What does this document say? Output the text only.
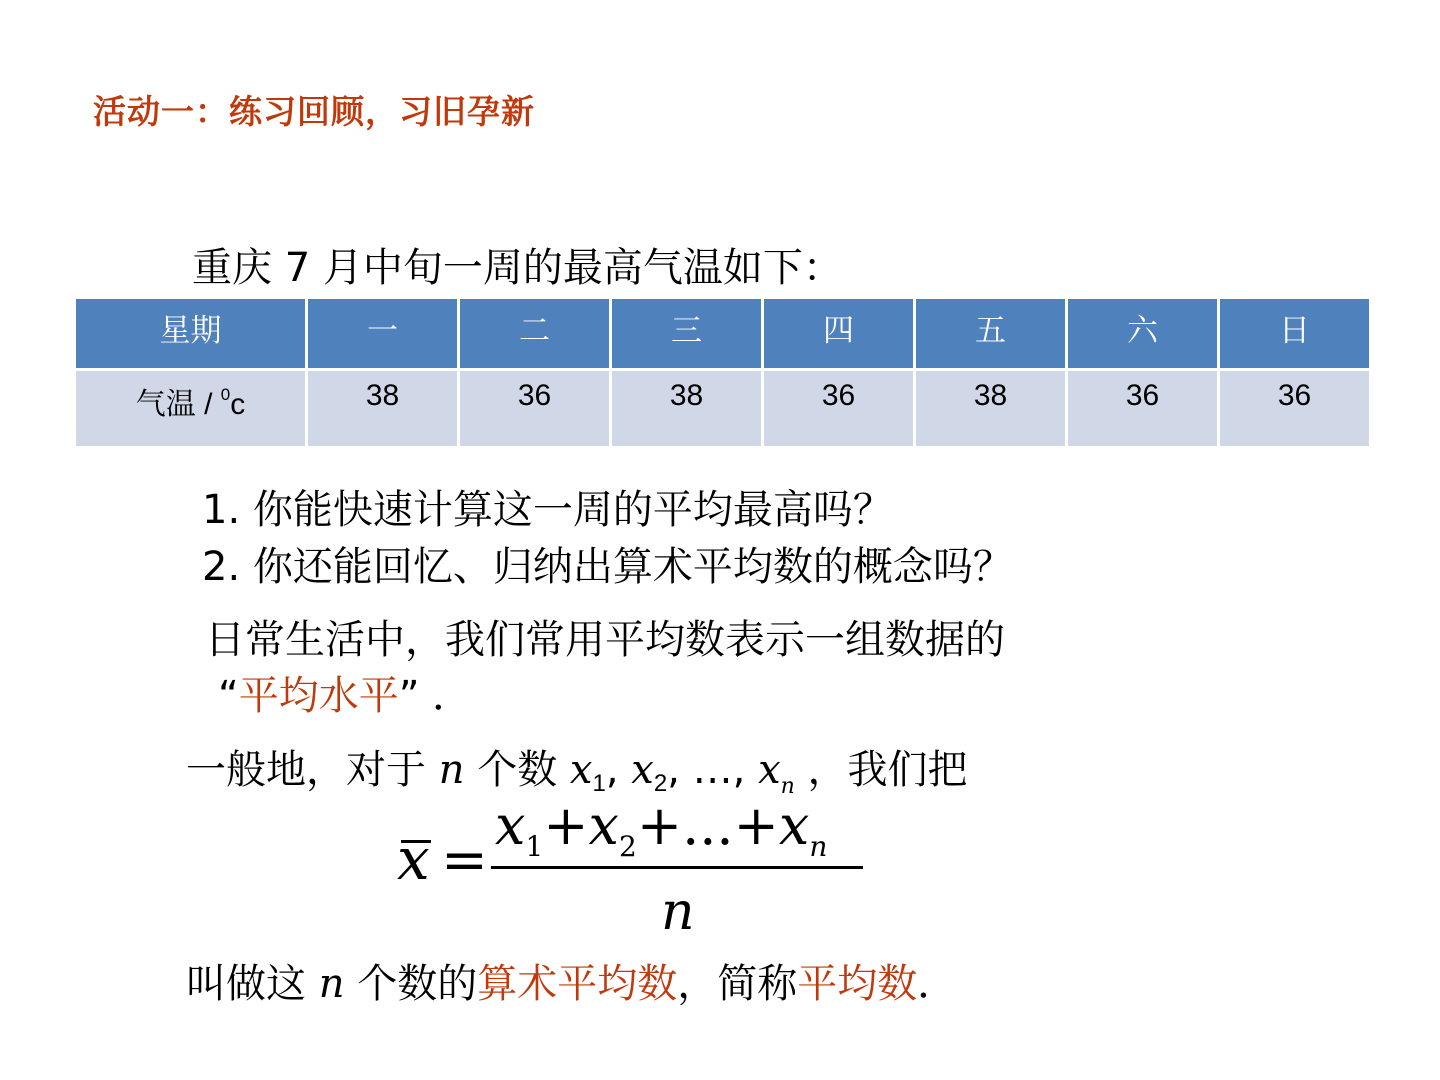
活动一：练习回顾，习旧孕新
重庆 7 月中旬一周的最高气温如下：
星期	一	二	三	四	五	六	日
气温 / $^0$c	38	36	38	36	38	36	36
1. 你能快速计算这一周的平均最高吗？
2. 你还能回忆、归纳出算术平均数的概念吗？
日常生活中，我们常用平均数表示一组数据的
“平均水平” ．
一般地，对于 n 个数 $x_1$, $x_2$, …, $x_n$ ，我们把
x =
$x_1+x_2+...+x_n$
n
叫做这 n 个数的算术平均数，简称平均数．
